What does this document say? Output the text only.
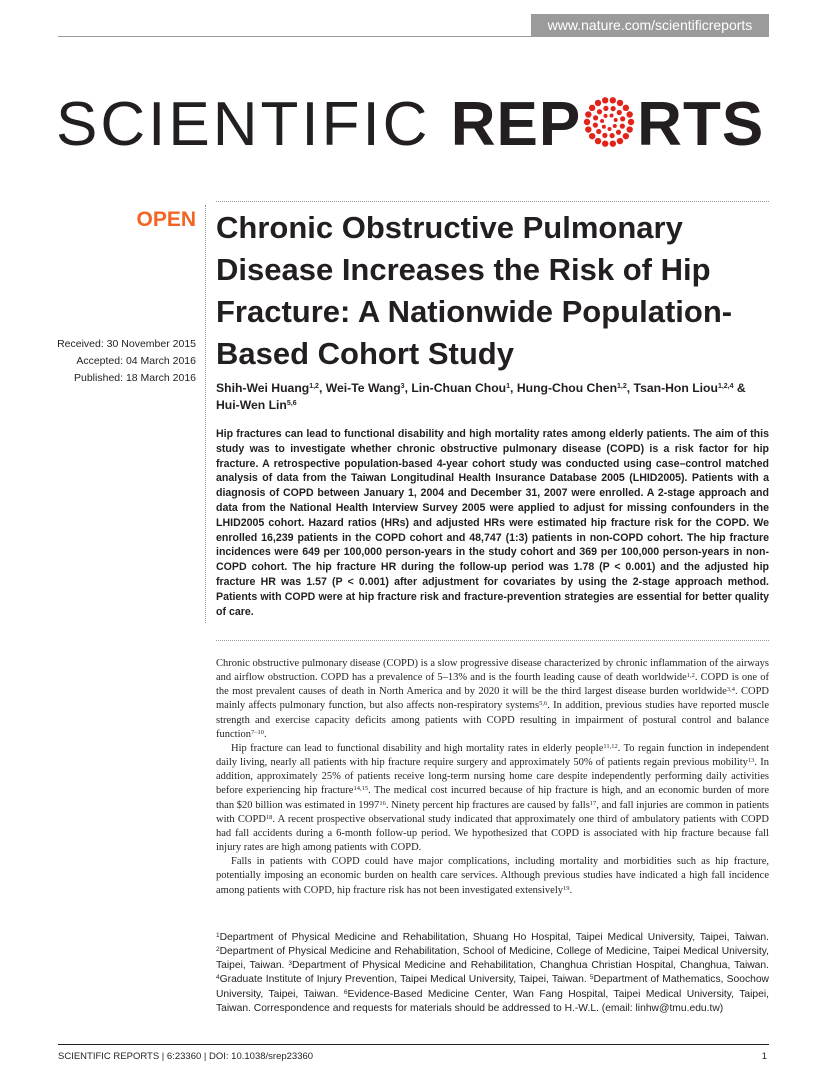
www.nature.com/scientificreports
SCIENTIFIC REP RTS
OPEN
Received: 30 November 2015
Accepted: 04 March 2016
Published: 18 March 2016
Chronic Obstructive Pulmonary Disease Increases the Risk of Hip Fracture: A Nationwide Population-Based Cohort Study
Shih-Wei Huang$^{1,2}$, Wei-Te Wang$^3$, Lin-Chuan Chou$^1$, Hung-Chou Chen$^{1,2}$, Tsan-Hon Liou$^{1,2,4}$ & Hui-Wen Lin$^{5,6}$
Hip fractures can lead to functional disability and high mortality rates among elderly patients. The aim of this study was to investigate whether chronic obstructive pulmonary disease (COPD) is a risk factor for hip fracture. A retrospective population-based 4-year cohort study was conducted using case–control matched analysis of data from the Taiwan Longitudinal Health Insurance Database 2005 (LHID2005). Patients with a diagnosis of COPD between January 1, 2004 and December 31, 2007 were enrolled. A 2-stage approach and data from the National Health Interview Survey 2005 were applied to adjust for missing confounders in the LHID2005 cohort. Hazard ratios (HRs) and adjusted HRs were estimated hip fracture risk for the COPD. We enrolled 16,239 patients in the COPD cohort and 48,747 (1:3) patients in non-COPD cohort. The hip fracture incidences were 649 per 100,000 person-years in the study cohort and 369 per 100,000 person-years in non-COPD cohort. The hip fracture HR during the follow-up period was 1.78 (P < 0.001) and the adjusted hip fracture HR was 1.57 (P < 0.001) after adjustment for covariates by using the 2-stage approach method. Patients with COPD were at hip fracture risk and fracture-prevention strategies are essential for better quality of care.

Chronic obstructive pulmonary disease (COPD) is a slow progressive disease characterized by chronic inflammation of the airways and airflow obstruction. COPD has a prevalence of 5–13% and is the fourth leading cause of death worldwide$^{1,2}$. COPD is one of the most prevalent causes of death in North America and by 2020 it will be the third largest disease burden worldwide$^{3,4}$. COPD mainly affects pulmonary function, but also affects non-respiratory systems$^{5,6}$. In addition, previous studies have reported muscle strength and exercise capacity deficits among patients with COPD resulting in impairment of postural control and balance function$^{7-10}$.

Hip fracture can lead to functional disability and high mortality rates in elderly people$^{11,12}$. To regain function in independent daily living, nearly all patients with hip fracture require surgery and approximately 50% of patients regain previous mobility$^{13}$. In addition, approximately 25% of patients receive long-term nursing home care despite independently performing daily activities before experiencing hip fracture$^{14,15}$. The medical cost incurred because of hip fracture is high, and an economic burden of more than $20 billion was estimated in 1997$^{16}$. Ninety percent hip fractures are caused by falls$^{17}$, and fall injuries are common in patients with COPD$^{18}$. A recent prospective observational study indicated that approximately one third of ambulatory patients with COPD had fall accidents during a 6-month follow-up period. We hypothesized that COPD is associated with hip fracture because fall injury rates are high among patients with COPD.

Falls in patients with COPD could have major complications, including mortality and morbidities such as hip fracture, potentially imposing an economic burden on health care services. Although previous studies have indicated a high fall incidence among patients with COPD, hip fracture risk has not been investigated extensively$^{19}$.

$^1$Department of Physical Medicine and Rehabilitation, Shuang Ho Hospital, Taipei Medical University, Taipei, Taiwan. $^2$Department of Physical Medicine and Rehabilitation, School of Medicine, College of Medicine, Taipei Medical University, Taipei, Taiwan. $^3$Department of Physical Medicine and Rehabilitation, Changhua Christian Hospital, Changhua, Taiwan. $^4$Graduate Institute of Injury Prevention, Taipei Medical University, Taipei, Taiwan. $^5$Department of Mathematics, Soochow University, Taipei, Taiwan. $^6$Evidence-Based Medicine Center, Wan Fang Hospital, Taipei Medical University, Taipei, Taiwan. Correspondence and requests for materials should be addressed to H.-W.L. (email: linhw@tmu.edu.tw)
SCIENTIFIC REPORTS | 6:23360 | DOI: 10.1038/srep23360	1
